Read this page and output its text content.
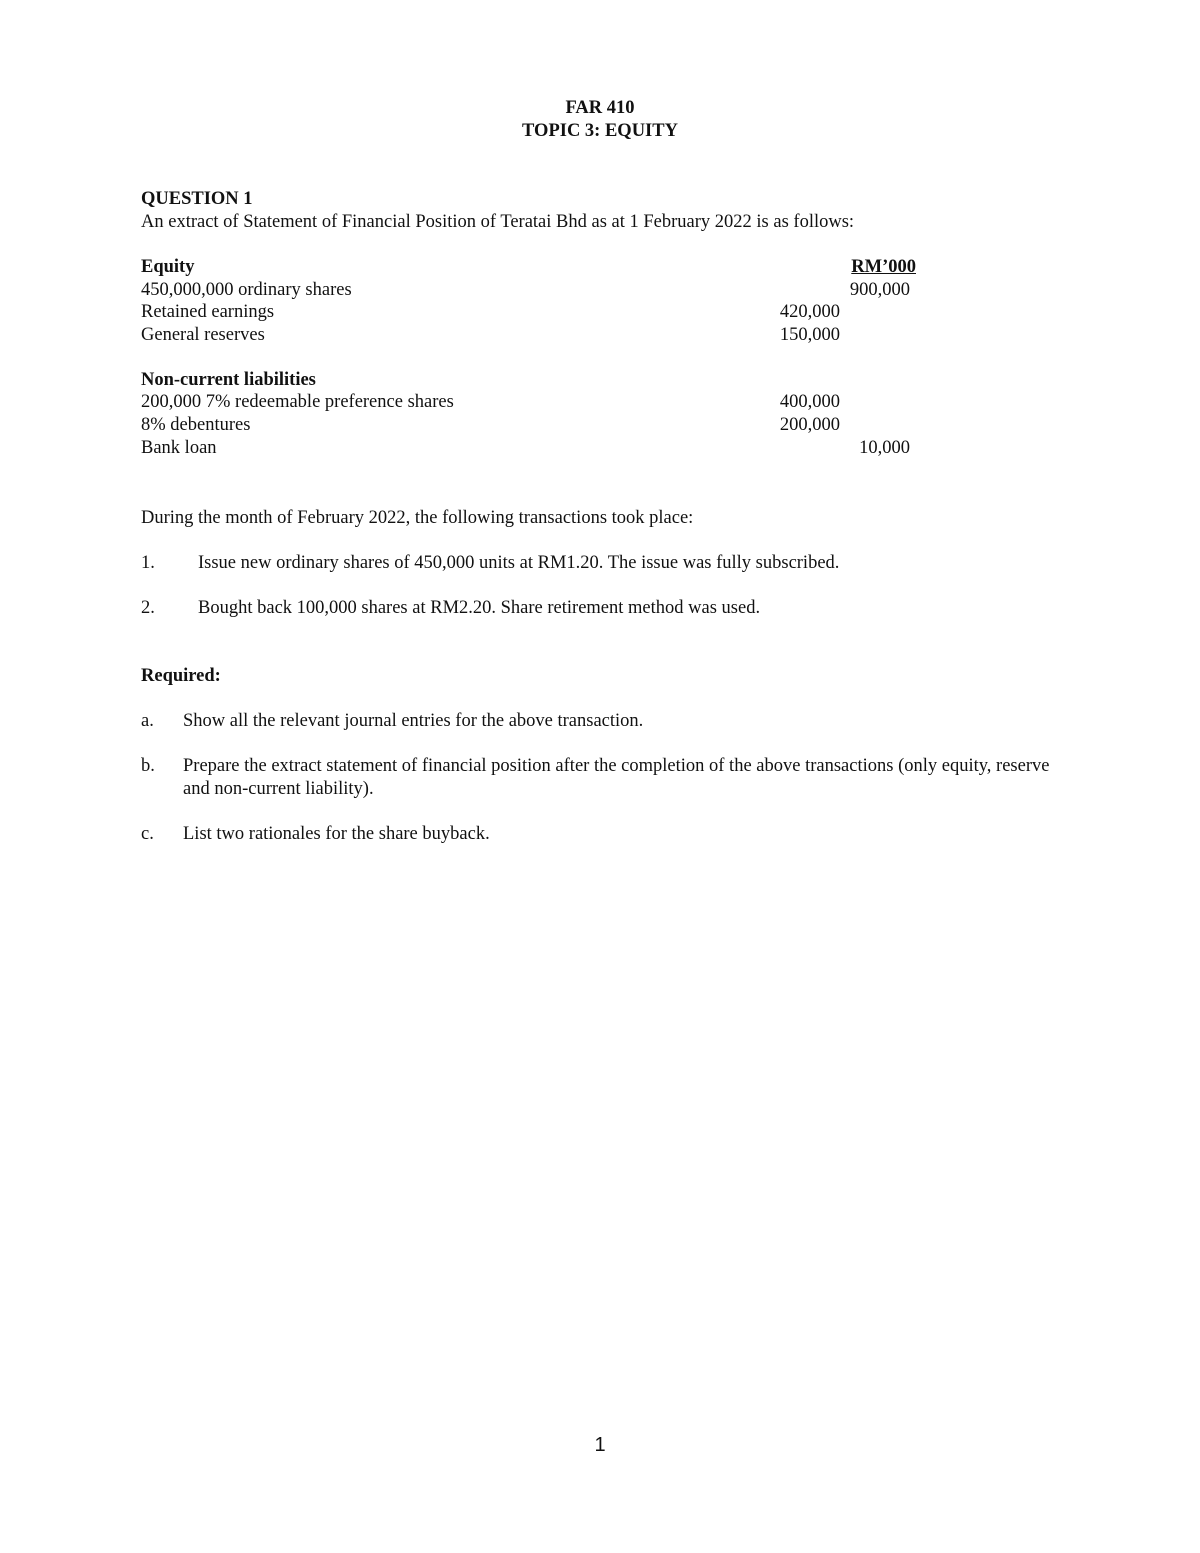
FAR 410
TOPIC 3: EQUITY
QUESTION 1
An extract of Statement of Financial Position of Teratai Bhd as at 1 February 2022 is as follows:
Equity	RM’000
450,000,000 ordinary shares	900,000
Retained earnings	420,000
General reserves	150,000
Non-current liabilities
200,000 7% redeemable preference shares	400,000
8% debentures	200,000
Bank loan	10,000
During the month of February 2022, the following transactions took place:
1. Issue new ordinary shares of 450,000 units at RM1.20. The issue was fully subscribed.
2. Bought back 100,000 shares at RM2.20. Share retirement method was used.
Required:
a. Show all the relevant journal entries for the above transaction.
b. Prepare the extract statement of financial position after the completion of the above transactions (only equity, reserve and non-current liability).
c. List two rationales for the share buyback.
1
